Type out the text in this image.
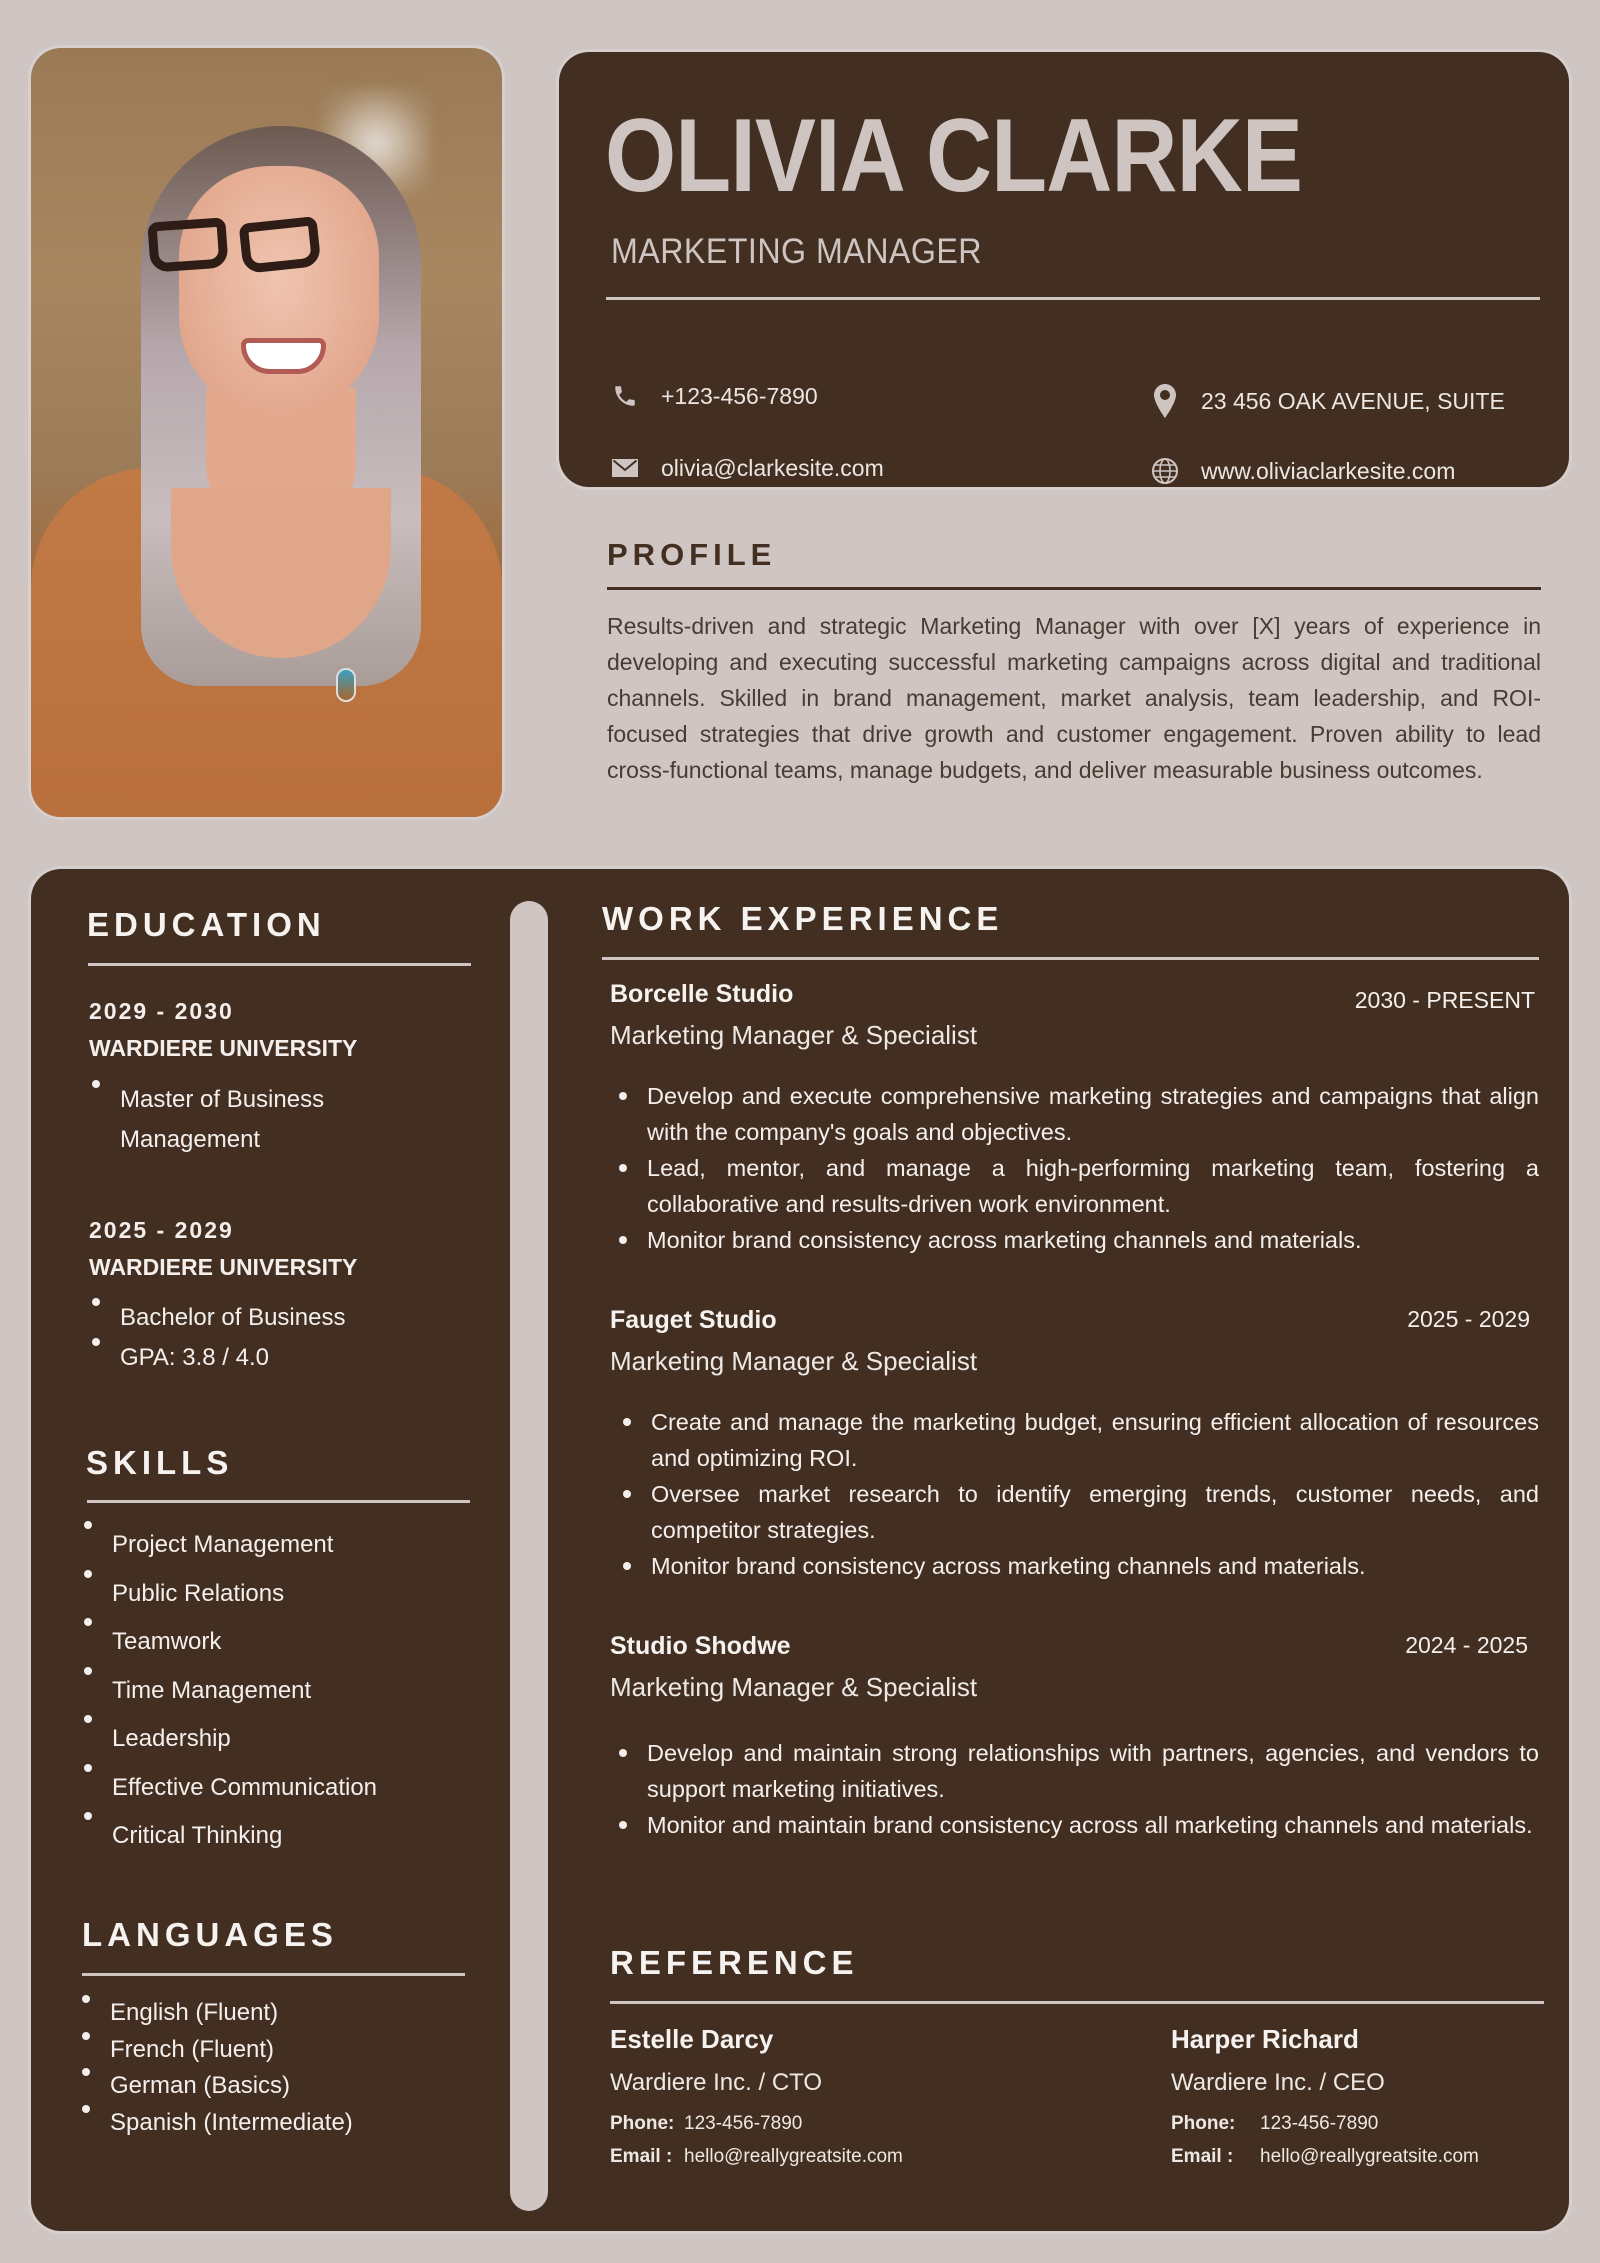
OLIVIA CLARKE
MARKETING MANAGER
+123-456-7890
olivia@clarkesite.com
23 456 OAK AVENUE, SUITE
www.oliviaclarkesite.com
PROFILE
Results-driven and strategic Marketing Manager with over [X] years of experience in developing and executing successful marketing campaigns across digital and traditional channels. Skilled in brand management, market analysis, team leadership, and ROI-focused strategies that drive growth and customer engagement. Proven ability to lead cross-functional teams, manage budgets, and deliver measurable business outcomes.
EDUCATION
2029 - 2030
WARDIERE UNIVERSITY
Master of Business Management
2025 - 2029
WARDIERE UNIVERSITY
Bachelor of Business
GPA: 3.8 / 4.0
SKILLS
Project Management
Public Relations
Teamwork
Time Management
Leadership
Effective Communication
Critical Thinking
LANGUAGES
English (Fluent)
French (Fluent)
German (Basics)
Spanish (Intermediate)
WORK EXPERIENCE
Borcelle Studio	2030 - PRESENT
Marketing Manager & Specialist
Develop and execute comprehensive marketing strategies and campaigns that align with the company's goals and objectives.
Lead, mentor, and manage a high-performing marketing team, fostering a collaborative and results-driven work environment.
Monitor brand consistency across marketing channels and materials.
Fauget Studio	2025 - 2029
Marketing Manager & Specialist
Create and manage the marketing budget, ensuring efficient allocation of resources and optimizing ROI.
Oversee market research to identify emerging trends, customer needs, and competitor strategies.
Monitor brand consistency across marketing channels and materials.
Studio Shodwe	2024 - 2025
Marketing Manager & Specialist
Develop and maintain strong relationships with partners, agencies, and vendors to support marketing initiatives.
Monitor and maintain brand consistency across all marketing channels and materials.
REFERENCE
Estelle Darcy
Wardiere Inc. / CTO
Phone: 123-456-7890
Email : hello@reallygreatsite.com
Harper Richard
Wardiere Inc. / CEO
Phone:	123-456-7890
Email :	hello@reallygreatsite.com
